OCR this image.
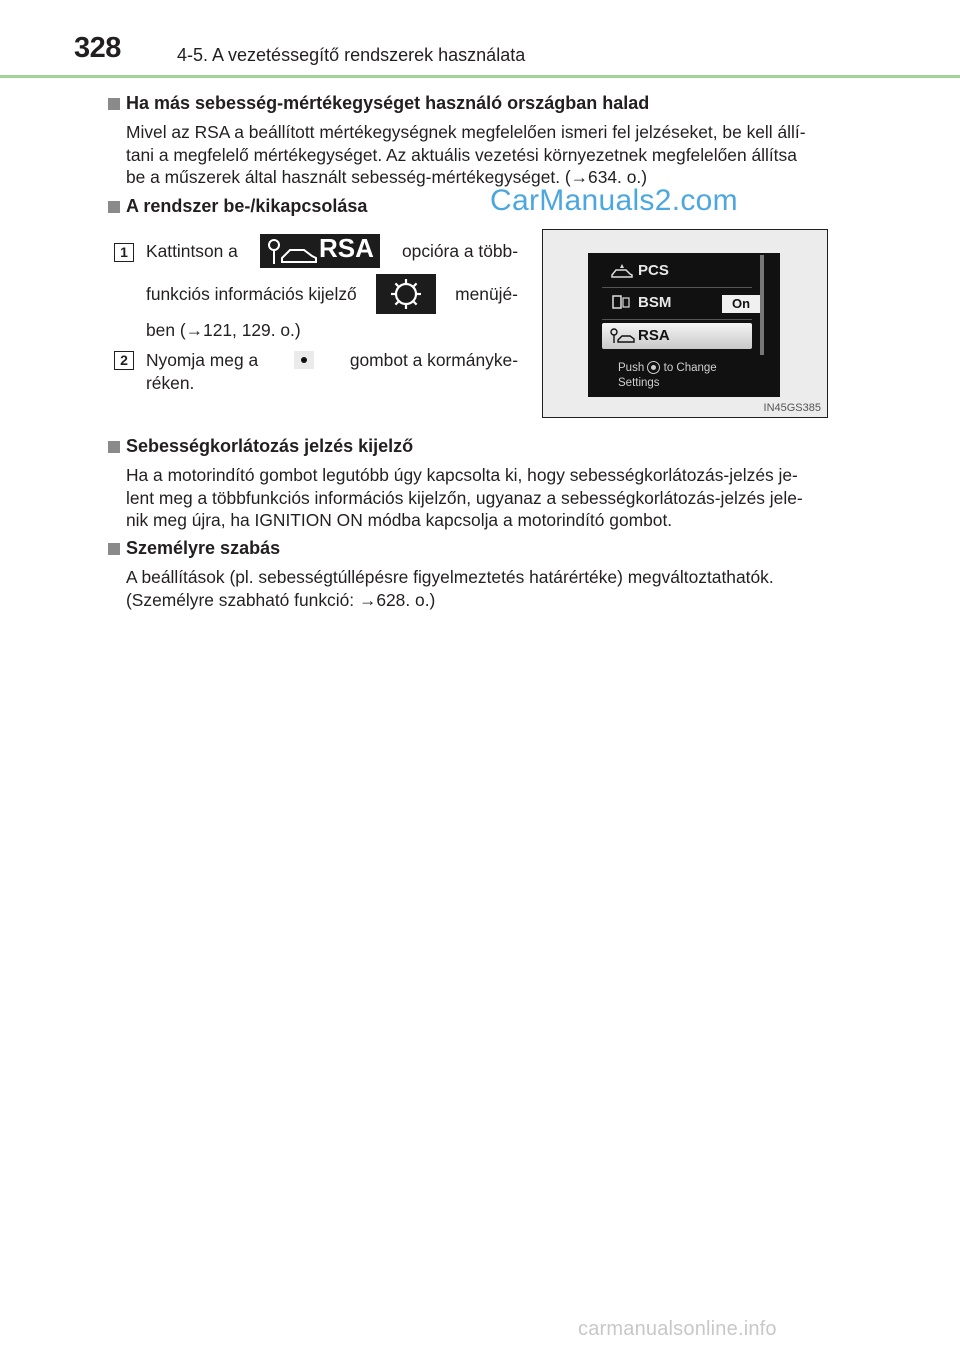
328	4-5. A vezetéssegítő rendszerek használata
CarManuals2.com
Ha más sebesség-mértékegységet használó országban halad
Mivel az RSA a beállított mértékegységnek megfelelően ismeri fel jelzéseket, be kell állí-
tani a megfelelő mértékegységet. Az aktuális vezetési környezetnek megfelelően állítsa
be a műszerek által használt sebesség-mértékegységet. (→634. o.)
A rendszer be-/kikapcsolása
1	Kattintson a	RSA opcióra a több-
funkciós információs kijelző	menüjé-
ben (→121, 129. o.)
2	Nyomja meg a	gombot a kormányke-
réken.
PCS
BSM	On
RSA
Push to Change
Settings
IN45GS385
Sebességkorlátozás jelzés kijelző
Ha a motorindító gombot legutóbb úgy kapcsolta ki, hogy sebességkorlátozás-jelzés je-
lent meg a többfunkciós információs kijelzőn, ugyanaz a sebességkorlátozás-jelzés jele-
nik meg újra, ha IGNITION ON módba kapcsolja a motorindító gombot.
Személyre szabás
A beállítások (pl. sebességtúllépésre figyelmeztetés határértéke) megváltoztathatók.
(Személyre szabható funkció: →628. o.)
carmanualsonline.info
